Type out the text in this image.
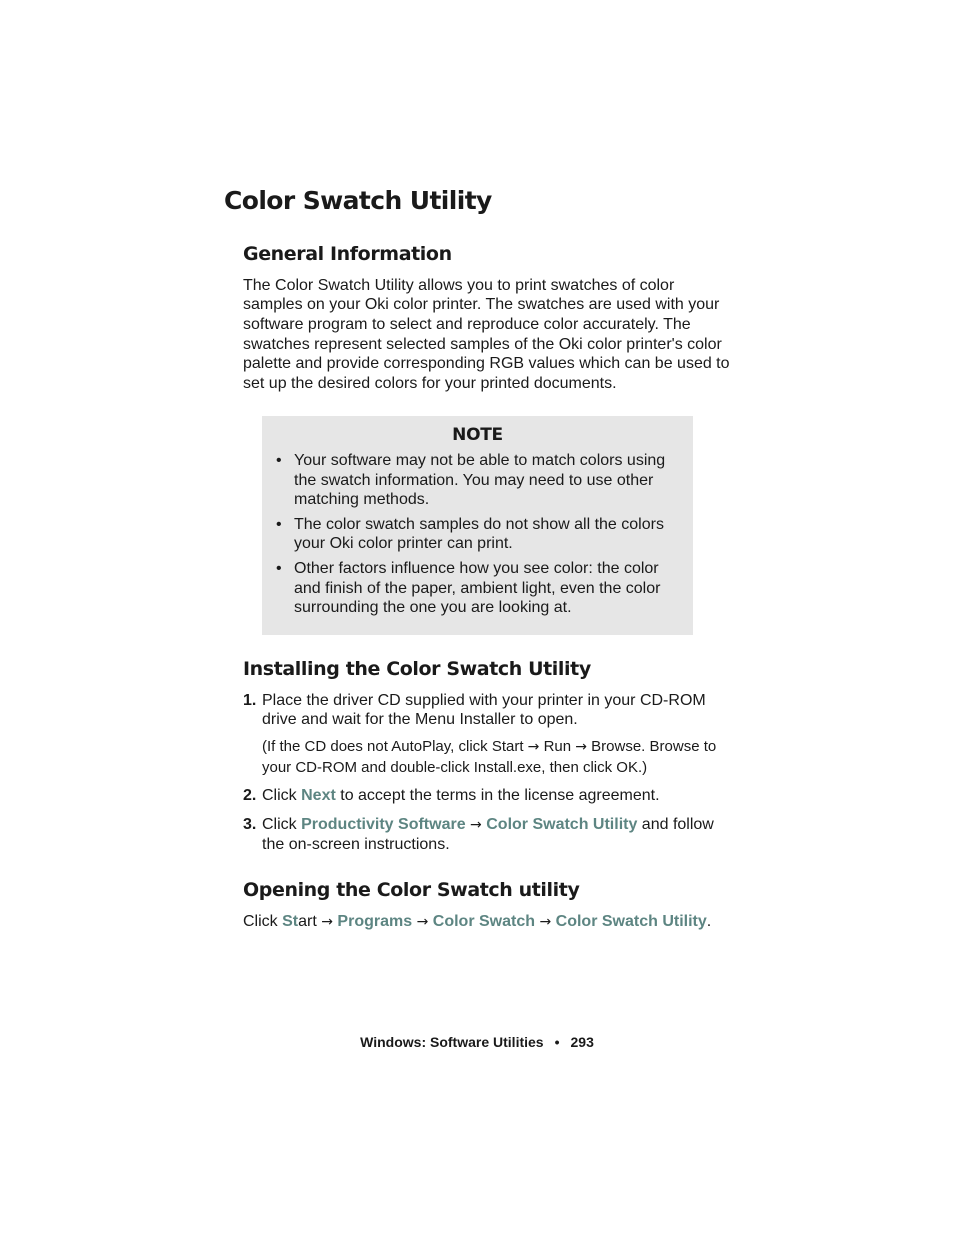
Color Swatch Utility
General Information

The Color Swatch Utility allows you to print swatches of color samples on your Oki color printer. The swatches are used with your software program to select and reproduce color accurately. The swatches represent selected samples of the Oki color printer's color palette and provide corresponding RGB values which can be used to set up the desired colors for your printed documents.

NOTE
• Your software may not be able to match colors using the swatch information. You may need to use other matching methods.
• The color swatch samples do not show all the colors your Oki color printer can print.
• Other factors influence how you see color: the color and finish of the paper, ambient light, even the color surrounding the one you are looking at.
Installing the Color Swatch Utility
1. Place the driver CD supplied with your printer in your CD-ROM drive and wait for the Menu Installer to open.

(If the CD does not AutoPlay, click Start → Run → Browse. Browse to your CD-ROM and double-click Install.exe, then click OK.)

2. Click Next to accept the terms in the license agreement.
3. Click Productivity Software → Color Swatch Utility and follow the on-screen instructions.
Opening the Color Swatch utility

Click Start → Programs → Color Swatch → Color Swatch Utility.

Windows: Software Utilities • 293
